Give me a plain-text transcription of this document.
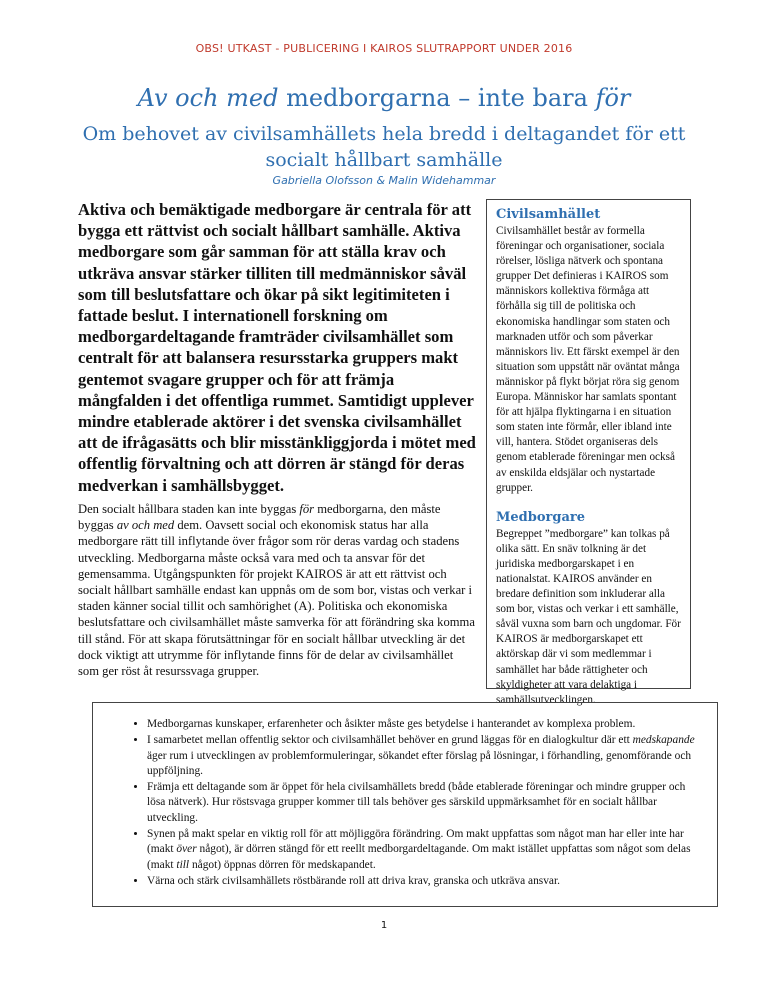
OBS! UTKAST - PUBLICERING I KAIROS SLUTRAPPORT UNDER 2016
Av och med medborgarna – inte bara för
Om behovet av civilsamhällets hela bredd i deltagandet för ett socialt hållbart samhälle
Gabriella Olofsson & Malin Widehammar

Aktiva och bemäktigade medborgare är centrala för att bygga ett rättvist och socialt hållbart samhälle. Aktiva medborgare som går samman för att ställa krav och utkräva ansvar stärker tilliten till medmänniskor såväl som till beslutsfattare och ökar på sikt legitimiteten i fattade beslut. I internationell forskning om medborgardeltagande framträder civilsamhället som centralt för att balansera resursstarka gruppers makt gentemot svagare grupper och för att främja mångfalden i det offentliga rummet. Samtidigt upplever mindre etablerade aktörer i det svenska civilsamhället att de ifrågasätts och blir misstänkliggjorda i mötet med offentlig förvaltning och att dörren är stängd för deras medverkan i samhällsbygget.

Den socialt hållbara staden kan inte byggas för medborgarna, den måste byggas av och med dem. Oavsett social och ekonomisk status har alla medborgare rätt till inflytande över frågor som rör deras vardag och stadens utveckling. Medborgarna måste också vara med och ta ansvar för det gemensamma. Utgångspunkten för projekt KAIROS är att ett rättvist och socialt hållbart samhälle endast kan uppnås om de som bor, vistas och verkar i staden känner social tillit och samhörighet (A). Politiska och ekonomiska beslutsfattare och civilsamhället måste samverka för att förändring ska komma till stånd. För att skapa förutsättningar för en socialt hållbar utveckling är det dock viktigt att utrymme för inflytande finns för de delar av civilsamhället som ger röst åt resurssvaga grupper.

Civilsamhället

Civilsamhället består av formella föreningar och organisationer, sociala rörelser, lösliga nätverk och spontana grupper Det definieras i KAIROS som människors kollektiva förmåga att förhålla sig till de politiska och ekonomiska handlingar som staten och marknaden utför och som påverkar människors liv. Ett färskt exempel är den situation som uppstått när oväntat många människor på flykt börjat röra sig genom Europa. Människor har samlats spontant för att hjälpa flyktingarna i en situation som staten inte förmår, eller ibland inte vill, hantera. Stödet organiseras dels genom etablerade föreningar men också av enskilda eldsjälar och nystartade grupper.

Medborgare

Begreppet ”medborgare” kan tolkas på olika sätt. En snäv tolkning är det juridiska medborgarskapet i en nationalstat. KAIROS använder en bredare definition som inkluderar alla som bor, vistas och verkar i ett samhälle, såväl vuxna som barn och ungdomar. För KAIROS är medborgarskapet ett aktörskap där vi som medlemmar i samhället har både rättigheter och skyldigheter att vara delaktiga i samhällsutvecklingen.

• Medborgarnas kunskaper, erfarenheter och åsikter måste ges betydelse i hanterandet av komplexa problem.
• I samarbetet mellan offentlig sektor och civilsamhället behöver en grund läggas för en dialogkultur där ett medskapande äger rum i utvecklingen av problemformuleringar, sökandet efter förslag på lösningar, i förhandling, genomförande och uppföljning.
• Främja ett deltagande som är öppet för hela civilsamhällets bredd (både etablerade föreningar och mindre grupper och lösa nätverk). Hur röstsvaga grupper kommer till tals behöver ges särskild uppmärksamhet för en socialt hållbar utveckling.
• Synen på makt spelar en viktig roll för att möjliggöra förändring. Om makt uppfattas som något man har eller inte har (makt över något), är dörren stängd för ett reellt medborgardeltagande. Om makt istället uppfattas som något som delas (makt till något) öppnas dörren för medskapandet.
• Värna och stärk civilsamhällets röstbärande roll att driva krav, granska och utkräva ansvar.
1
